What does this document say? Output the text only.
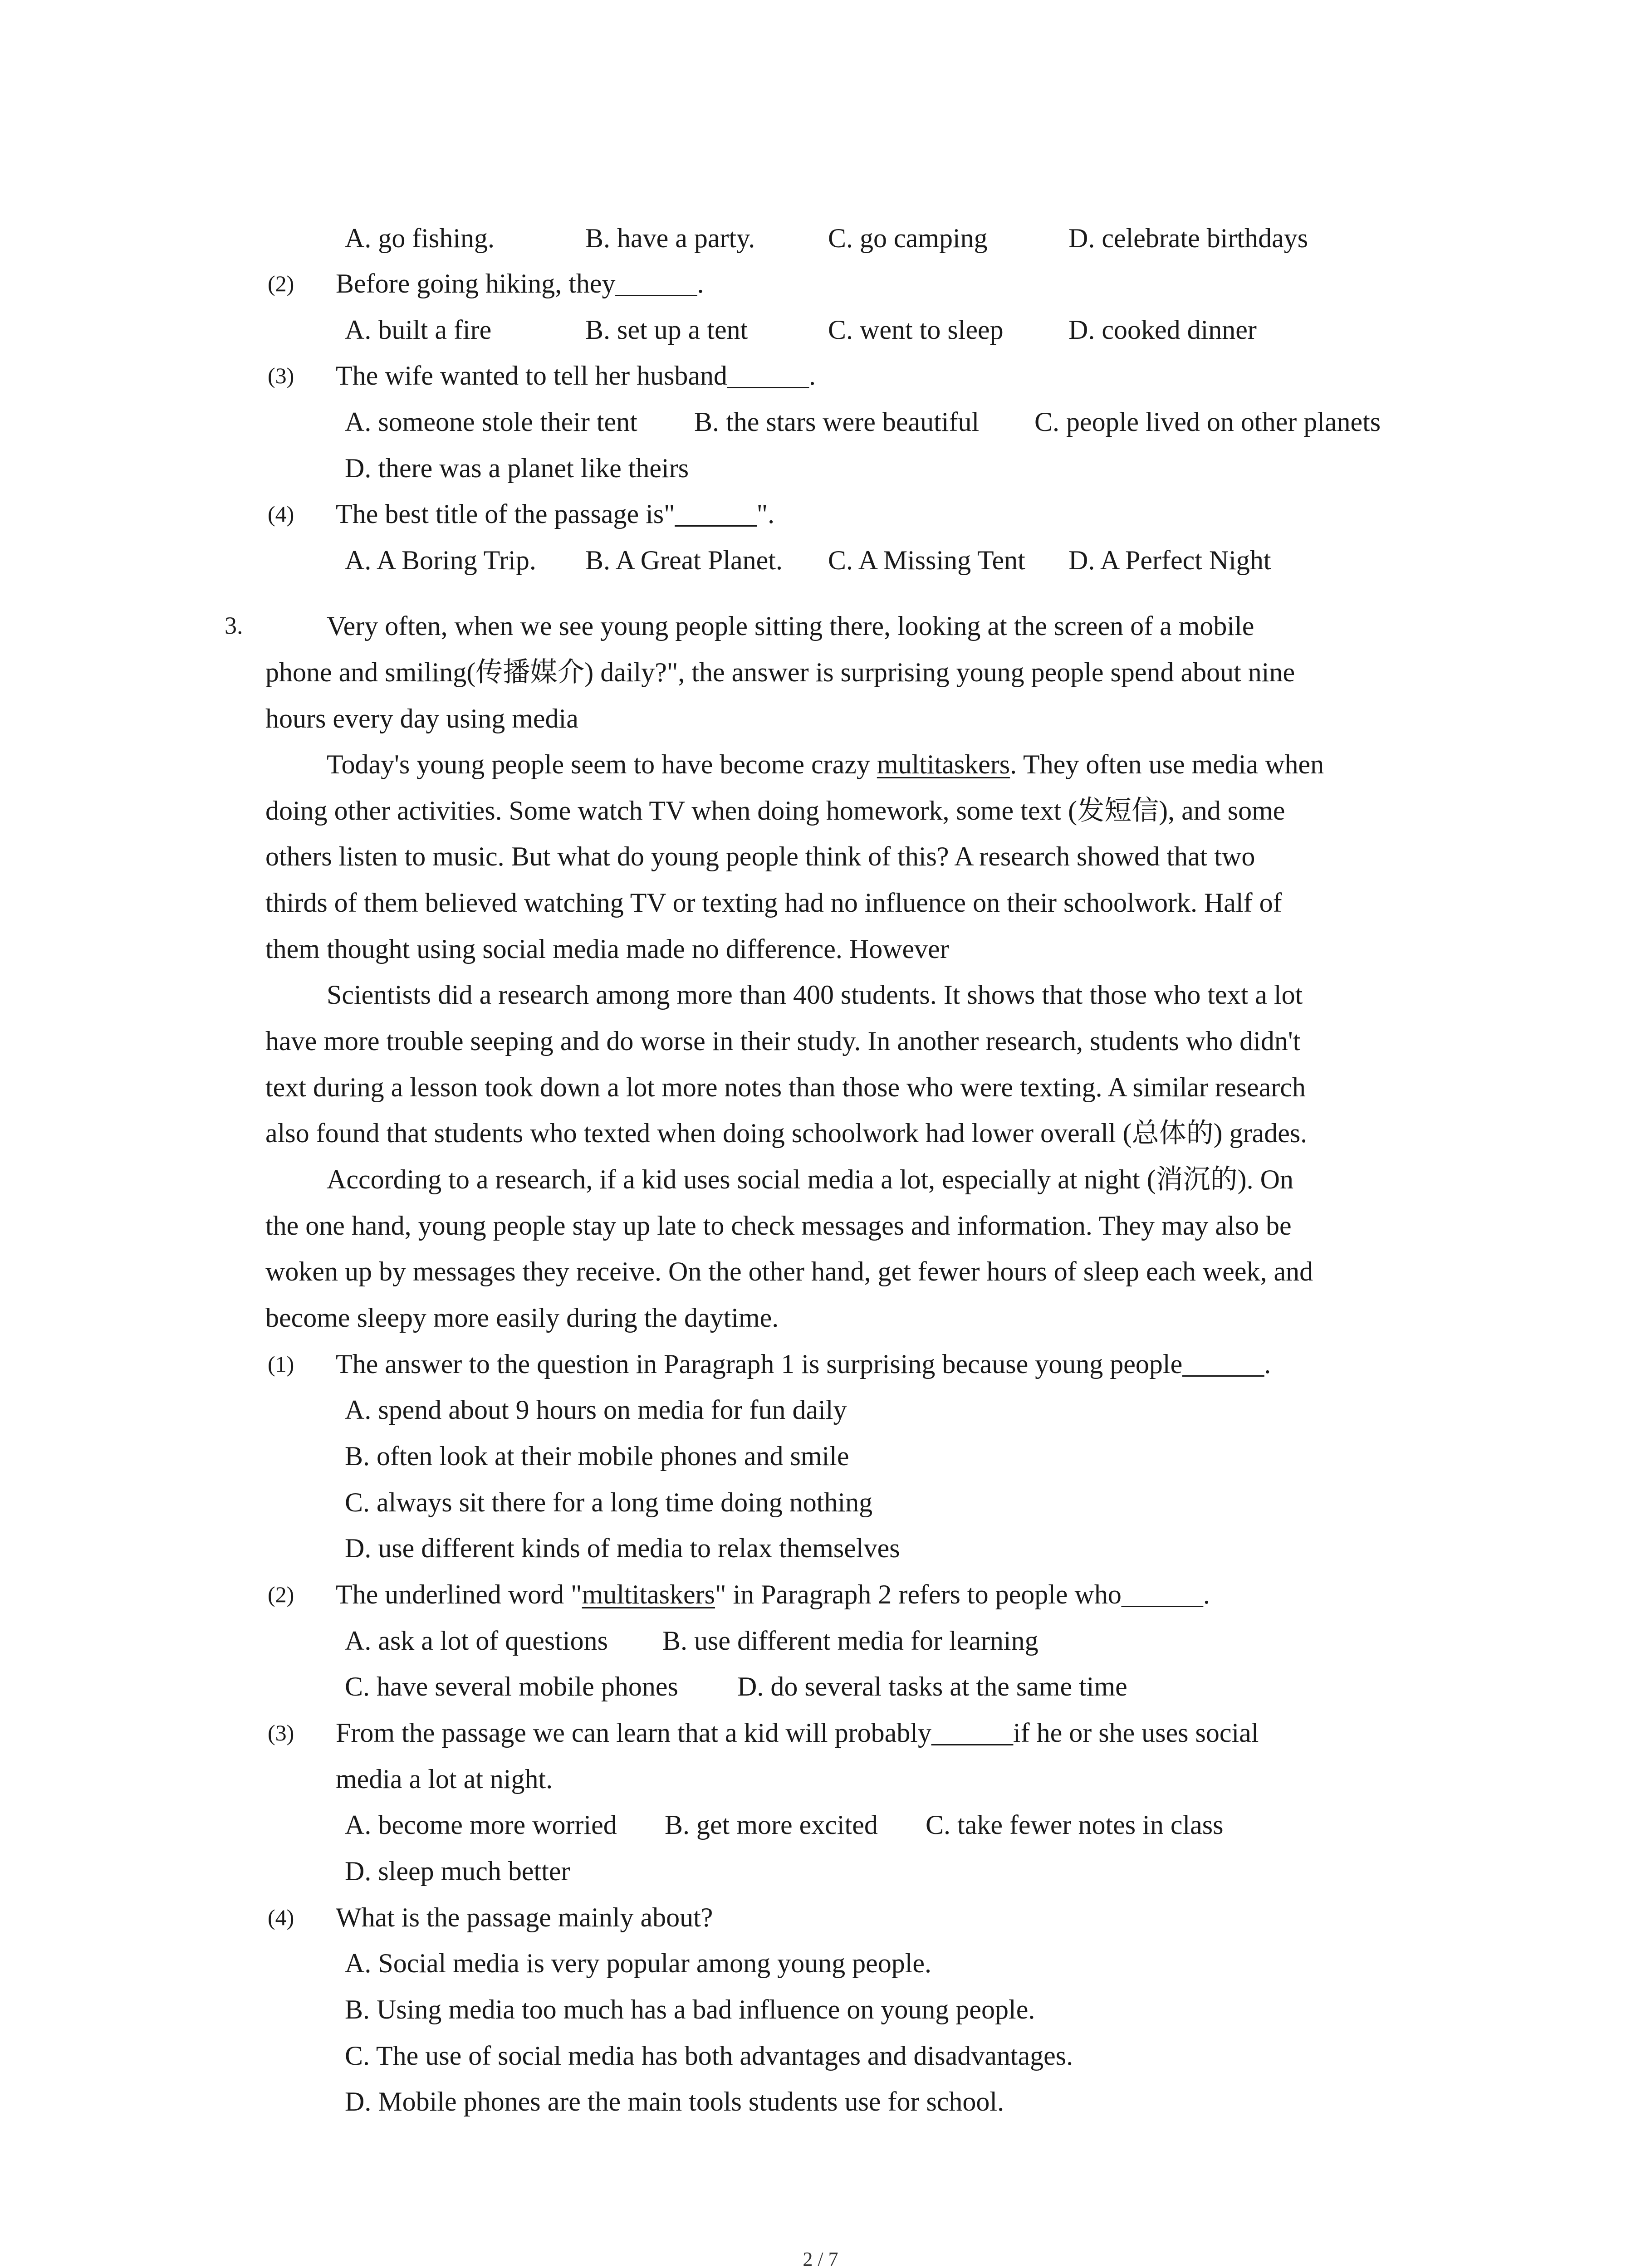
A. go fishing.	B. have a party.	C. go camping	D. celebrate birthdays
(2) Before going hiking, they______.
A. built a fire	B. set up a tent	C. went to sleep D. cooked dinner
(3) The wife wanted to tell her husband______.
A. someone stole their tent B. the stars were beautiful C. people lived on other planets
D. there was a planet like theirs
(4) The best title of the passage is"______".
A. A Boring Trip. B. A Great Planet. C. A Missing Tent D. A Perfect Night
3.	Very often, when we see young people sitting there, looking at the screen of a mobile
phone and smiling(传播媒介) daily?", the answer is surprising young people spend about nine
hours every day using media
Today's young people seem to have become crazy multitaskers. They often use media when
doing other activities. Some watch TV when doing homework, some text (发短信), and some
others listen to music. But what do young people think of this? A research showed that two
thirds of them believed watching TV or texting had no influence on their schoolwork. Half of
them thought using social media made no difference. However
Scientists did a research among more than 400 students. It shows that those who text a lot
have more trouble seeping and do worse in their study. In another research, students who didn't
text during a lesson took down a lot more notes than those who were texting. A similar research
also found that students who texted when doing schoolwork had lower overall (总体的) grades.
According to a research, if a kid uses social media a lot, especially at night (消沉的). On
the one hand, young people stay up late to check messages and information. They may also be
woken up by messages they receive. On the other hand, get fewer hours of sleep each week, and
become sleepy more easily during the daytime.
(1) The answer to the question in Paragraph 1 is surprising because young people______.
A. spend about 9 hours on media for fun daily
B. often look at their mobile phones and smile
C. always sit there for a long time doing nothing
D. use different kinds of media to relax themselves
(2) The underlined word "multitaskers" in Paragraph 2 refers to people who______.
A. ask a lot of questions B. use different media for learning
C. have several mobile phones D. do several tasks at the same time
(3) From the passage we can learn that a kid will probably______if he or she uses social
media a lot at night.
A. become more worried B. get more excited C. take fewer notes in class
D. sleep much better
(4) What is the passage mainly about?
A. Social media is very popular among young people.
B. Using media too much has a bad influence on young people.
C. The use of social media has both advantages and disadvantages.
D. Mobile phones are the main tools students use for school.
2 / 7
